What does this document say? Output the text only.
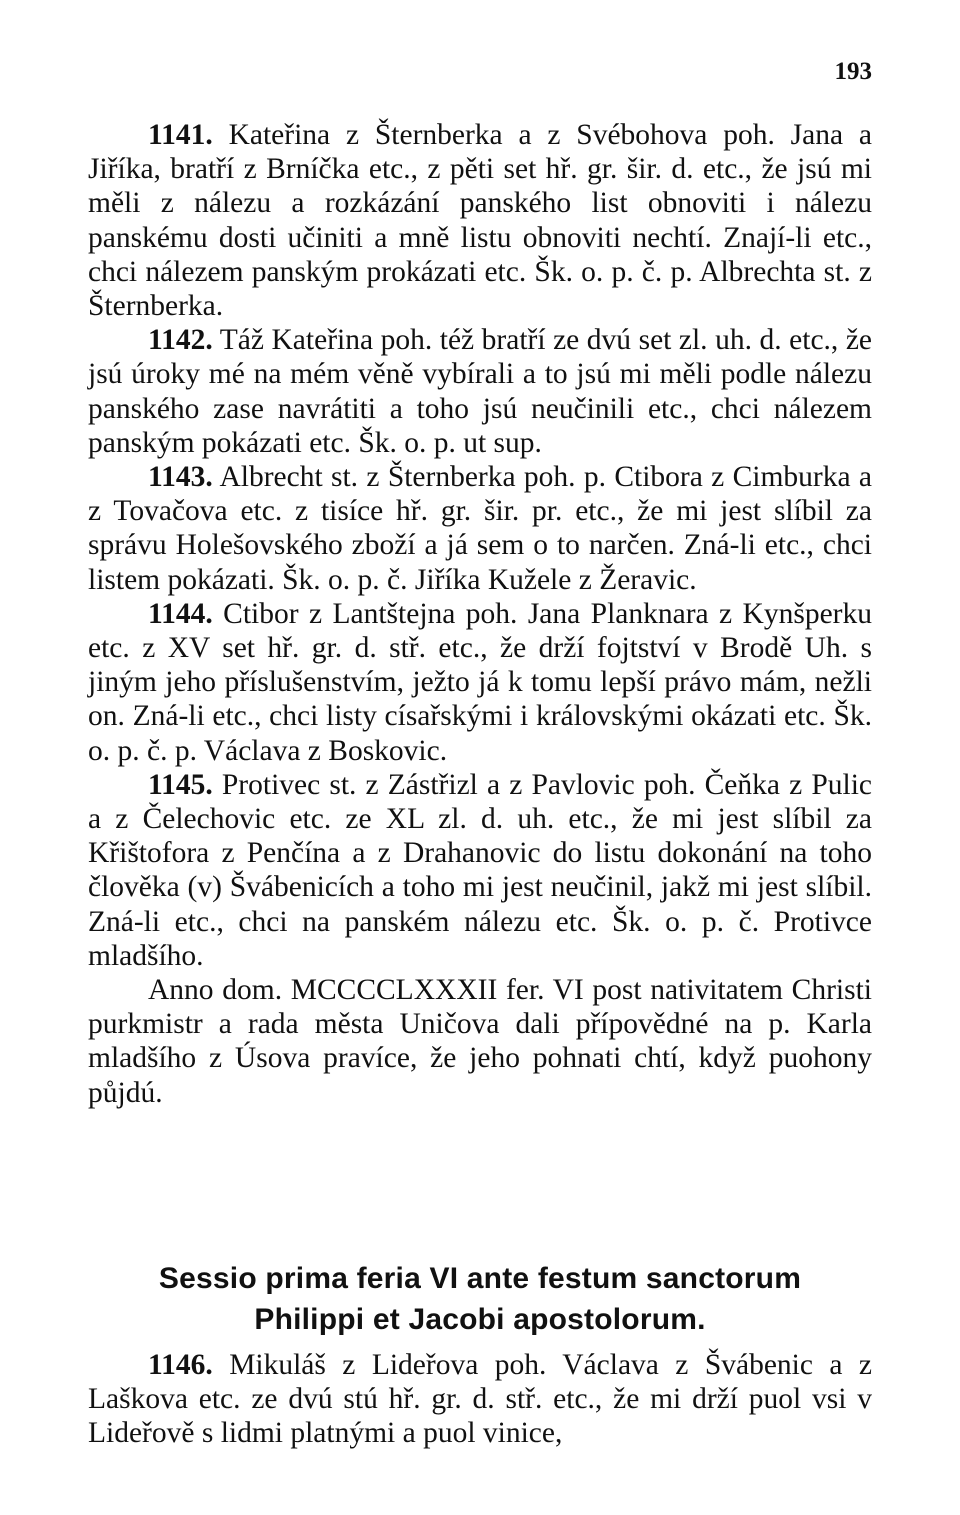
193

1141. Kateřina z Šternberka a z Svébohova poh. Jana a Jiříka, bratří z Brníčka etc., z pěti set hř. gr. šir. d. etc., že jsú mi měli z nálezu a rozkázání panského list obnoviti i nálezu panskému dosti učiniti a mně listu obnoviti nechtí. Znají-li etc., chci nálezem panským prokázati etc. Šk. o. p. č. p. Albrechta st. z Šternberka.

1142. Táž Kateřina poh. též bratří ze dvú set zl. uh. d. etc., že jsú úroky mé na mém věně vybírali a to jsú mi měli podle nálezu panského zase navrátiti a toho jsú neučinili etc., chci nálezem panským pokázati etc. Šk. o. p. ut sup.

1143. Albrecht st. z Šternberka poh. p. Ctibora z Cimburka a z Tovačova etc. z tisíce hř. gr. šir. pr. etc., že mi jest slíbil za správu Holešovského zboží a já sem o to narčen. Zná-li etc., chci listem pokázati. Šk. o. p. č. Jiříka Kužele z Žeravic.

1144. Ctibor z Lantštejna poh. Jana Planknara z Kynšperku etc. z XV set hř. gr. d. stř. etc., že drží fojtství v Brodě Uh. s jiným jeho příslušenstvím, ježto já k tomu lepší právo mám, nežli on. Zná-li etc., chci listy císařskými i královskými okázati etc. Šk. o. p. č. p. Václava z Boskovic.

1145. Protivec st. z Zástřizl a z Pavlovic poh. Čeňka z Pulic a z Čelechovic etc. ze XL zl. d. uh. etc., že mi jest slíbil za Křištofora z Penčína a z Drahanovic do listu dokonání na toho člověka (v) Švábenicích a toho mi jest neučinil, jakž mi jest slíbil. Zná-li etc., chci na panském nálezu etc. Šk. o. p. č. Protivce mladšího.

Anno dom. MCCCCLXXXII fer. VI post nativitatem Christi purkmistr a rada města Uničova dali přípovědné na p. Karla mladšího z Úsova pravíce, že jeho pohnati chtí, když puohony půjdú.

Sessio prima feria VI ante festum sanctorum
Philippi et Jacobi apostolorum.

1146. Mikuláš z Lideřova poh. Václava z Švábenic a z Laškova etc. ze dvú stú hř. gr. d. stř. etc., že mi drží puol vsi v Lideřově s lidmi platnými a puol vinice,
